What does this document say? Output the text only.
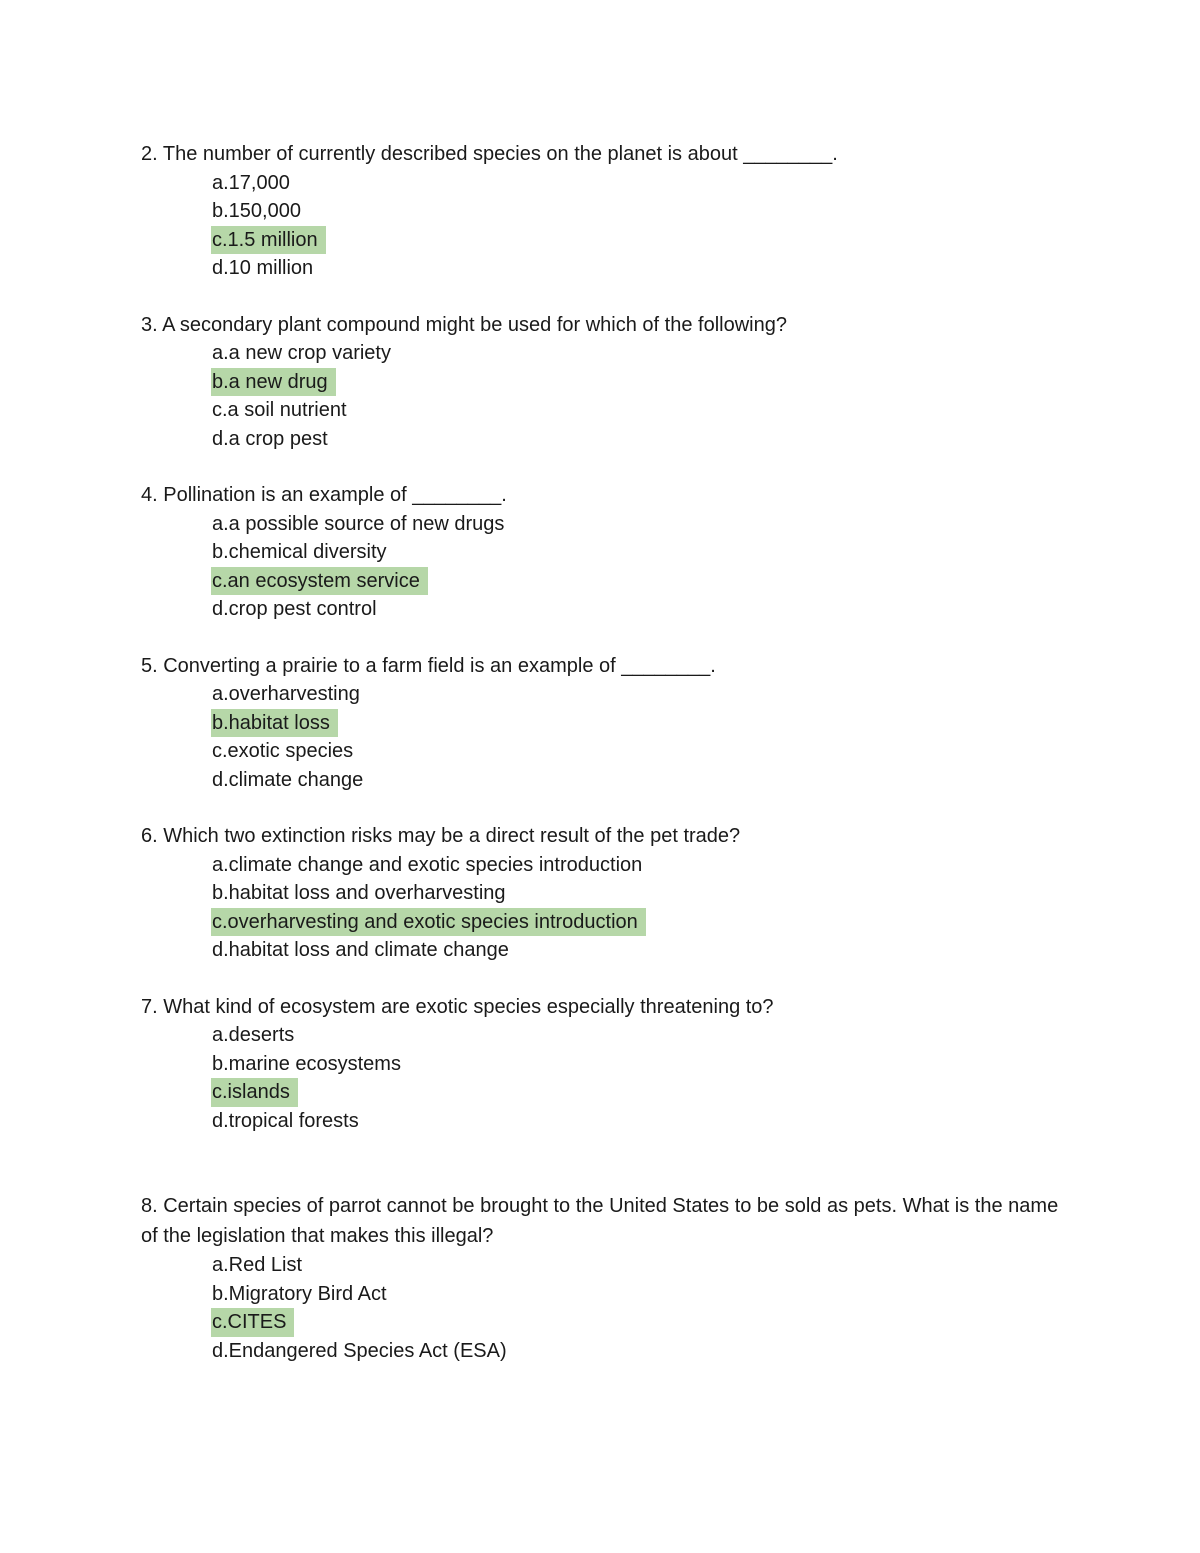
2. The number of currently described species on the planet is about ________.
a.17,000
b.150,000
c.1.5 million
d.10 million
3. A secondary plant compound might be used for which of the following?
a.a new crop variety
b.a new drug
c.a soil nutrient
d.a crop pest
4. Pollination is an example of ________.
a.a possible source of new drugs
b.chemical diversity
c.an ecosystem service
d.crop pest control
5. Converting a prairie to a farm field is an example of ________.
a.overharvesting
b.habitat loss
c.exotic species
d.climate change
6. Which two extinction risks may be a direct result of the pet trade?
a.climate change and exotic species introduction
b.habitat loss and overharvesting
c.overharvesting and exotic species introduction
d.habitat loss and climate change
7. What kind of ecosystem are exotic species especially threatening to?
a.deserts
b.marine ecosystems
c.islands
d.tropical forests
8. Certain species of parrot cannot be brought to the United States to be sold as pets. What is the name of the legislation that makes this illegal?
a.Red List
b.Migratory Bird Act
c.CITES
d.Endangered Species Act (ESA)
